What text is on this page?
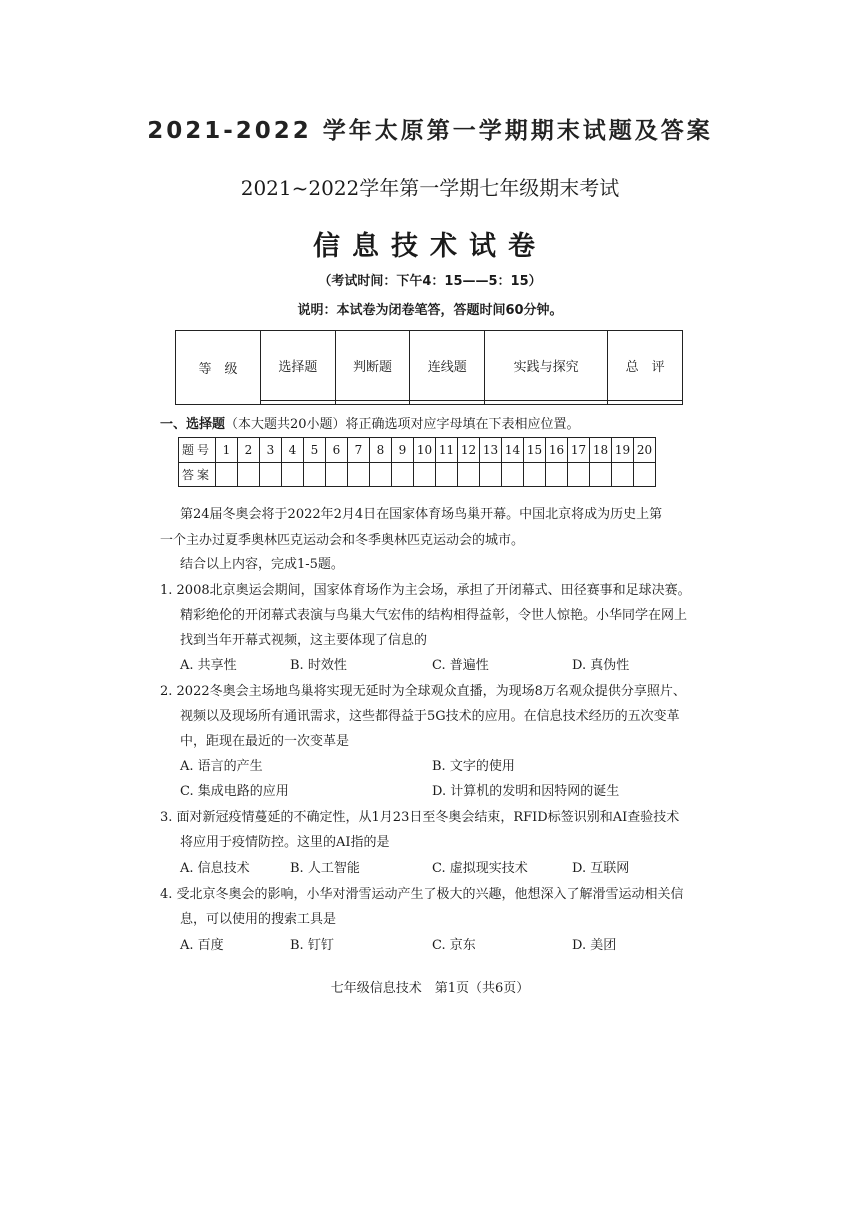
2021-2022 学年太原第一学期期末试题及答案
2021~2022学年第一学期七年级期末考试
信息技术试卷
（考试时间：下午4：15——5：15）
说明：本试卷为闭卷笔答，答题时间60分钟。
等　级	选择题	判断题	连线题	实践与探究	总　评

一、选择题（本大题共20小题）将正确选项对应字母填在下表相应位置。
题号	1	2	3	4	5	6	7	8	9	10	11	12	13	14	15	16	17	18	19	20
答案																				
第24届冬奥会将于2022年2月4日在国家体育场鸟巢开幕。中国北京将成为历史上第
一个主办过夏季奥林匹克运动会和冬季奥林匹克运动会的城市。
结合以上内容，完成1-5题。
1. 2008北京奥运会期间，国家体育场作为主会场，承担了开闭幕式、田径赛事和足球决赛。
精彩绝伦的开闭幕式表演与鸟巢大气宏伟的结构相得益彰，令世人惊艳。小华同学在网上
找到当年开幕式视频，这主要体现了信息的
A. 共享性	B. 时效性	C. 普遍性	D. 真伪性
2. 2022冬奥会主场地鸟巢将实现无延时为全球观众直播，为现场8万名观众提供分享照片、
视频以及现场所有通讯需求，这些都得益于5G技术的应用。在信息技术经历的五次变革
中，距现在最近的一次变革是
A. 语言的产生	B. 文字的使用
C. 集成电路的应用	D. 计算机的发明和因特网的诞生
3. 面对新冠疫情蔓延的不确定性，从1月23日至冬奥会结束，RFID标签识别和AI查验技术
将应用于疫情防控。这里的AI指的是
A. 信息技术	B. 人工智能	C. 虚拟现实技术	D. 互联网
4. 受北京冬奥会的影响，小华对滑雪运动产生了极大的兴趣，他想深入了解滑雪运动相关信
息，可以使用的搜索工具是
A. 百度	B. 钉钉	C. 京东	D. 美团
七年级信息技术　第1页（共6页）
